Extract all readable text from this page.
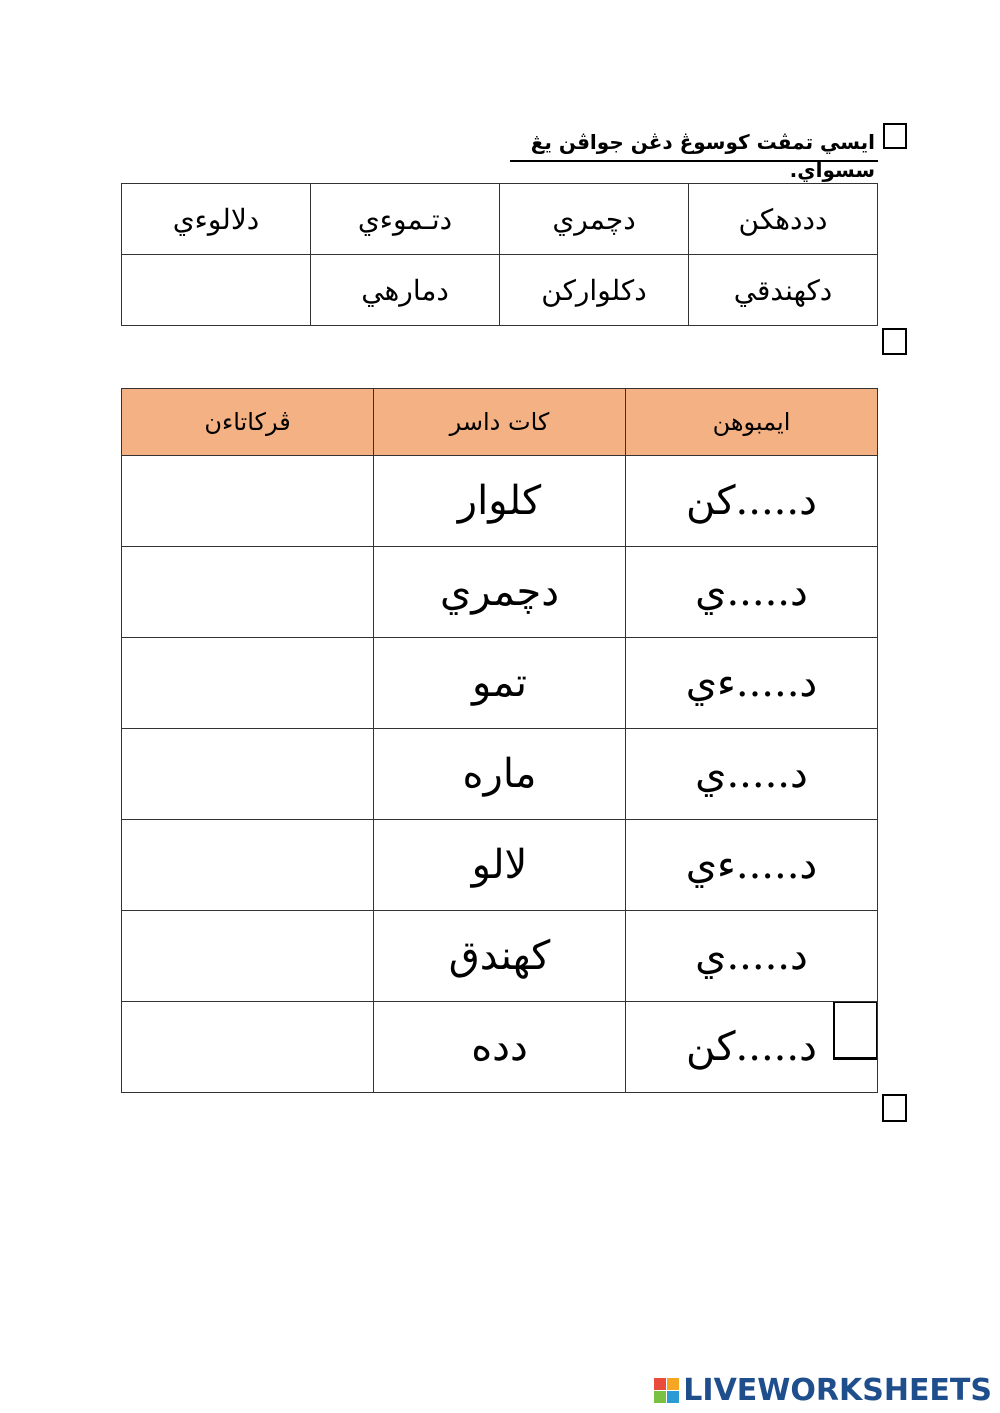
ايسي تمڤت كوسوڠ دڠن جواڤن يڠ سسواي.
دلالوءي	دتـموءي	دچمري	دددهكن
	دمارهي	دكلواركن	دكهندقي
ڤركاتاءن	كات داسر	ايمبوهن
	كلوار	د.....كن
	دچمري	د.....ي
	تمو	د.....ءي
	ماره	د.....ي
	لالو	د.....ءي
	كهندق	د.....ي
	دده	د.....كن
LIVEWORKSHEETS
